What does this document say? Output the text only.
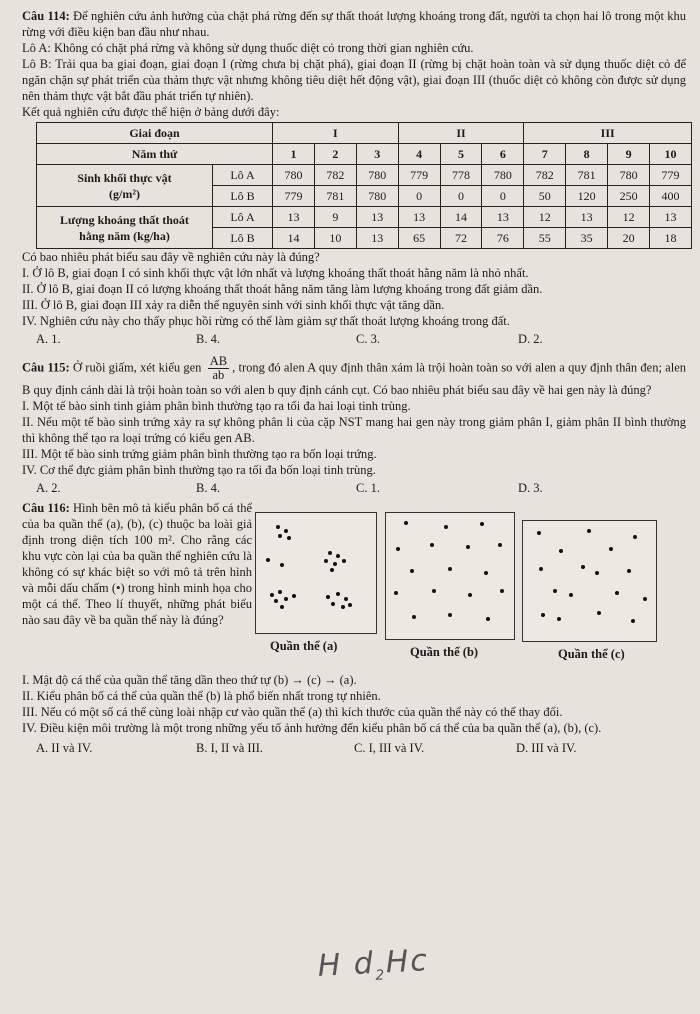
Câu 114: Để nghiên cứu ảnh hưởng của chặt phá rừng đến sự thất thoát lượng khoáng trong đất, người ta chọn hai lô trong một khu rừng với điều kiện ban đầu như nhau.

Lô A: Không có chặt phá rừng và không sử dụng thuốc diệt cỏ trong thời gian nghiên cứu.

Lô B: Trải qua ba giai đoạn, giai đoạn I (rừng chưa bị chặt phá), giai đoạn II (rừng bị chặt hoàn toàn và sử dụng thuốc diệt cỏ để ngăn chặn sự phát triển của thảm thực vật nhưng không tiêu diệt hết động vật), giai đoạn III (thuốc diệt cỏ không còn được sử dụng nên thảm thực vật bắt đầu phát triển tự nhiên).

Kết quả nghiên cứu được thể hiện ở bảng dưới đây:

Giai đoạn		I			II			III			
Năm thứ		1	2	3	4	5	6	7	8	9	10

Sinh khối thực vật
(g/m²)	Lô A	780	782	780	779	778	780	782	781	780	779
	Lô B	779	781	780	0	0	0	50	120	250	400

Lượng khoáng thất thoát
hằng năm (kg/ha)	Lô A	13	9	13	13	14	13	12	13	12	13
	Lô B	14	10	13	65	72	76	55	35	20	18

Có bao nhiêu phát biểu sau đây về nghiên cứu này là đúng?

I. Ở lô B, giai đoạn I có sinh khối thực vật lớn nhất và lượng khoáng thất thoát hằng năm là nhỏ nhất.

II. Ở lô B, giai đoạn II có lượng khoáng thất thoát hằng năm tăng làm lượng khoáng trong đất giảm dần.

III. Ở lô B, giai đoạn III xảy ra diễn thế nguyên sinh với sinh khối thực vật tăng dần.

IV. Nghiên cứu này cho thấy phục hồi rừng có thể làm giảm sự thất thoát lượng khoáng trong đất.

A. 1.	B. 4.	C. 3.	D. 2.

Câu 115: Ở ruồi giấm, xét kiểu gen $\frac{AB}{ab}$ , trong đó alen A quy định thân xám là trội hoàn toàn so với alen a quy định thân đen; alen B quy định cánh dài là trội hoàn toàn so với alen b quy định cánh cụt. Có bao nhiêu phát biểu sau đây về hai gen này là đúng?

I. Một tế bào sinh tinh giảm phân bình thường tạo ra tối đa hai loại tinh trùng.

II. Nếu một tế bào sinh trứng xảy ra sự không phân li của cặp NST mang hai gen này trong giảm phân I, giảm phân II bình thường thì không thể tạo ra loại trứng có kiểu gen AB.

III. Một tế bào sinh trứng giảm phân bình thường tạo ra bốn loại trứng.

IV. Cơ thể đực giảm phân bình thường tạo ra tối đa bốn loại tinh trùng.

A. 2.	B. 4.	C. 1.	D. 3.

Câu 116: Hình bên mô tả kiểu phân bố cá thể của ba quần thể (a), (b), (c) thuộc ba loài giả định trong diện tích 100 m². Cho rằng các khu vực còn lại của ba quần thể nghiên cứu là không có sự khác biệt so với mô tả trên hình và mỗi dấu chấm (•) trong hình minh họa cho một cá thể. Theo lí thuyết, những phát biểu nào sau đây về ba quần thể này là đúng?

Quần thể (a)	Quần thể (b)	Quần thể (c)

I. Mật độ cá thể của quần thể tăng dần theo thứ tự (b) → (c) → (a).

II. Kiểu phân bố cá thể của quần thể (b) là phổ biến nhất trong tự nhiên.

III. Nếu có một số cá thể cùng loài nhập cư vào quần thể (a) thì kích thước của quần thể này có thể thay đổi.

IV. Điều kiện môi trường là một trong những yếu tố ảnh hưởng đến kiểu phân bố cá thể của ba quần thể (a), (b), (c).

A. II và IV.	B. I, II và III.	C. I, III và IV.	D. III và IV.
H $d_2Hc$
